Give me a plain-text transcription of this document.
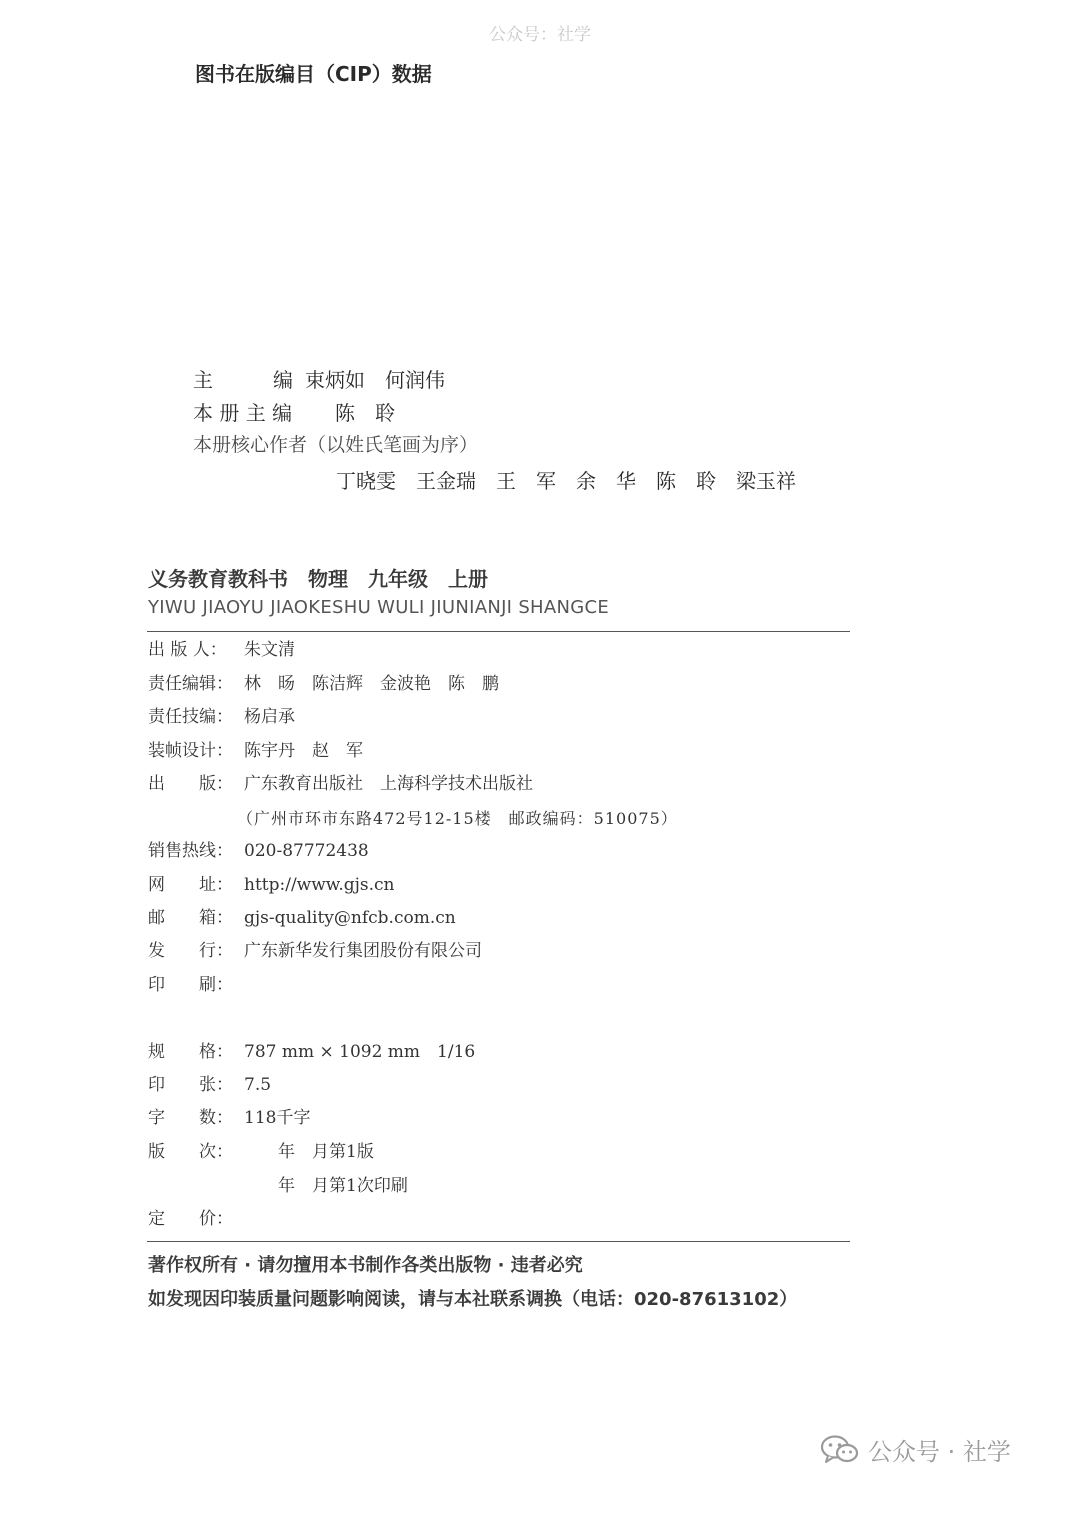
公众号：社学
图书在版编目（CIP）数据
主　　　编 束炳如　何润伟
本 册 主 编 陈　聆
本册核心作者（以姓氏笔画为序）
丁晓雯　王金瑞　王　军　余　华　陈　聆　梁玉祥
义务教育教科书　物理　九年级　上册
YIWU JIAOYU JIAOKESHU WULI JIUNIANJI SHANGCE
出 版 人： 朱文清
责任编辑： 林　旸　陈洁辉　金波艳　陈　鹏
责任技编： 杨启承
装帧设计： 陈宇丹　赵　军
出　　版： 广东教育出版社　上海科学技术出版社
（广州市环市东路472号12-15楼　邮政编码：510075）
销售热线： 020-87772438
网　　址： http://www.gjs.cn
邮　　箱： gjs-quality@nfcb.com.cn
发　　行： 广东新华发行集团股份有限公司
印　　刷：
规　　格： 787 mm × 1092 mm　1/16
印　　张： 7.5
字　　数： 118千字
版　　次：　　年　月第1版
　　年　月第1次印刷
定　　价：
著作权所有 · 请勿擅用本书制作各类出版物 · 违者必究
如发现因印装质量问题影响阅读，请与本社联系调换（电话：020-87613102）
公众号 · 社学
